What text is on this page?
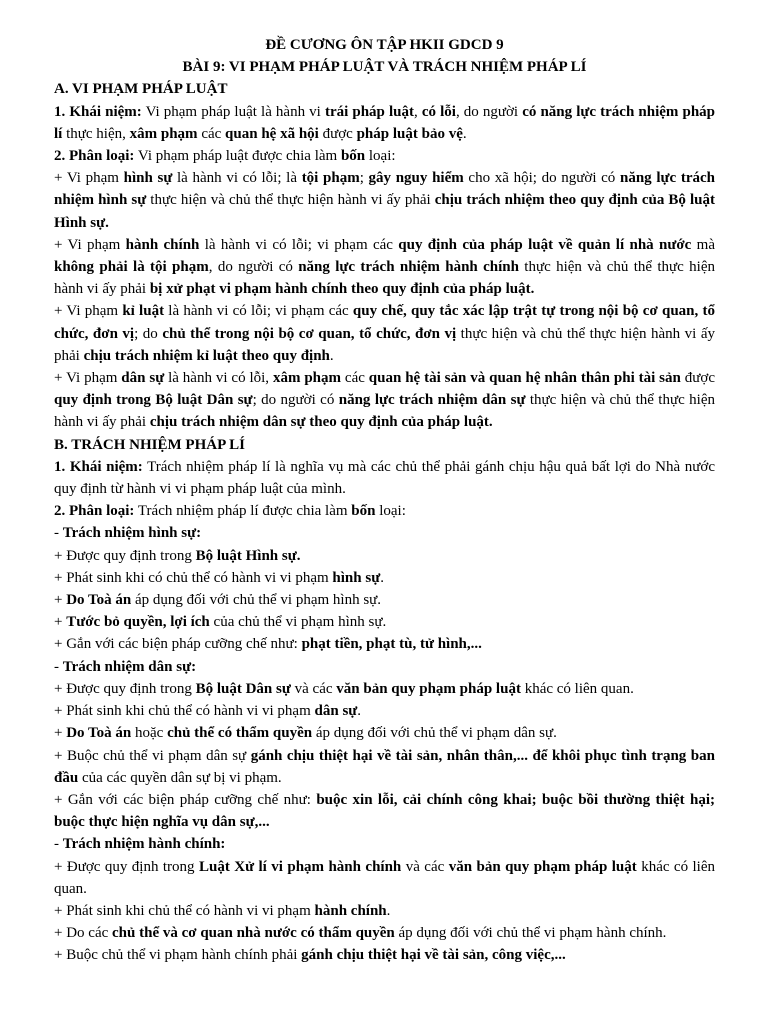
ĐỀ CƯƠNG ÔN TẬP HKII GDCD 9

BÀI 9: VI PHẠM PHÁP LUẬT VÀ TRÁCH NHIỆM PHÁP LÍ

A. VI PHẠM PHÁP LUẬT

1. Khái niệm: Vi phạm pháp luật là hành vi trái pháp luật, có lỗi, do người có năng lực trách nhiệm pháp lí thực hiện, xâm phạm các quan hệ xã hội được pháp luật bảo vệ.

2. Phân loại: Vi phạm pháp luật được chia làm bốn loại:

+ Vi phạm hình sự là hành vi có lỗi; là tội phạm; gây nguy hiểm cho xã hội; do người có năng lực trách nhiệm hình sự thực hiện và chủ thể thực hiện hành vi ấy phải chịu trách nhiệm theo quy định của Bộ luật Hình sự.

+ Vi phạm hành chính là hành vi có lỗi; vi phạm các quy định của pháp luật về quản lí nhà nước mà không phải là tội phạm, do người có năng lực trách nhiệm hành chính thực hiện và chủ thể thực hiện hành vi ấy phải bị xử phạt vi phạm hành chính theo quy định của pháp luật.

+ Vi phạm kỉ luật là hành vi có lỗi; vi phạm các quy chế, quy tắc xác lập trật tự trong nội bộ cơ quan, tổ chức, đơn vị; do chủ thể trong nội bộ cơ quan, tổ chức, đơn vị thực hiện và chủ thể thực hiện hành vi ấy phải chịu trách nhiệm kỉ luật theo quy định.

+ Vi phạm dân sự là hành vi có lỗi, xâm phạm các quan hệ tài sản và quan hệ nhân thân phi tài sản được quy định trong Bộ luật Dân sự; do người có năng lực trách nhiệm dân sự thực hiện và chủ thể thực hiện hành vi ấy phải chịu trách nhiệm dân sự theo quy định của pháp luật.

B. TRÁCH NHIỆM PHÁP LÍ

1. Khái niệm: Trách nhiệm pháp lí là nghĩa vụ mà các chủ thể phải gánh chịu hậu quả bất lợi do Nhà nước quy định từ hành vi vi phạm pháp luật của mình.

2. Phân loại: Trách nhiệm pháp lí được chia làm bốn loại:

- Trách nhiệm hình sự:

+ Được quy định trong Bộ luật Hình sự.

+ Phát sinh khi có chủ thể có hành vi vi phạm hình sự.

+ Do Toà án áp dụng đối với chủ thể vi phạm hình sự.

+ Tước bỏ quyền, lợi ích của chủ thể vi phạm hình sự.

+ Gắn với các biện pháp cưỡng chế như: phạt tiền, phạt tù, tử hình,...

- Trách nhiệm dân sự:

+ Được quy định trong Bộ luật Dân sự và các văn bản quy phạm pháp luật khác có liên quan.

+ Phát sinh khi chủ thể có hành vi vi phạm dân sự.

+ Do Toà án hoặc chủ thể có thẩm quyền áp dụng đối với chủ thể vi phạm dân sự.

+ Buộc chủ thể vi phạm dân sự gánh chịu thiệt hại về tài sản, nhân thân,... để khôi phục tình trạng ban đầu của các quyền dân sự bị vi phạm.

+ Gắn với các biện pháp cưỡng chế như: buộc xin lỗi, cải chính công khai; buộc bồi thường thiệt hại; buộc thực hiện nghĩa vụ dân sự,...

- Trách nhiệm hành chính:

+ Được quy định trong Luật Xử lí vi phạm hành chính và các văn bản quy phạm pháp luật khác có liên quan.

+ Phát sinh khi chủ thể có hành vi vi phạm hành chính.

+ Do các chủ thể và cơ quan nhà nước có thẩm quyền áp dụng đối với chủ thể vi phạm hành chính.

+ Buộc chủ thể vi phạm hành chính phải gánh chịu thiệt hại về tài sản, công việc,...
